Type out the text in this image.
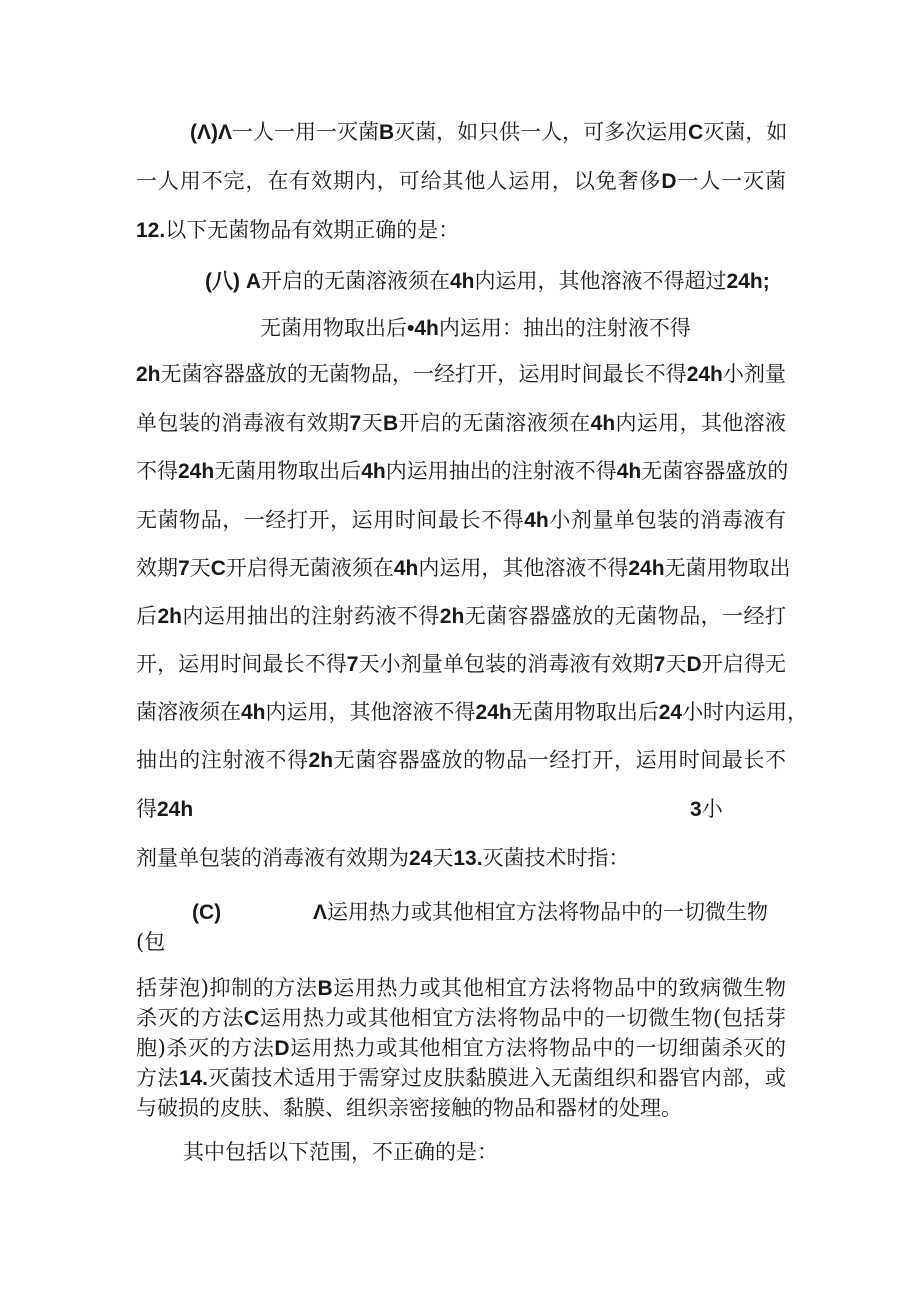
(Λ)Λ一人一用一灭菌B灭菌，如只供一人，可多次运用C灭菌，如
一人用不完，在有效期内，可给其他人运用，以免奢侈D一人一灭菌
12.以下无菌物品有效期正确的是：
(八) A开启的无菌溶液须在4h内运用，其他溶液不得超过24h;
无菌用物取出后•4h内运用：抽出的注射液不得
2h无菌容器盛放的无菌物品，一经打开，运用时间最长不得24h小剂量
单包装的消毒液有效期7天B开启的无菌溶液须在4h内运用，其他溶液
不得24h无菌用物取出后4h内运用抽出的注射液不得4h无菌容器盛放的
无菌物品，一经打开，运用时间最长不得4h小剂量单包装的消毒液有
效期7天C开启得无菌液须在4h内运用，其他溶液不得24h无菌用物取出
后2h内运用抽出的注射药液不得2h无菌容器盛放的无菌物品，一经打
开，运用时间最长不得7天小剂量单包装的消毒液有效期7天D开启得无
菌溶液须在4h内运用，其他溶液不得24h无菌用物取出后24小时内运用，
抽出的注射液不得2h无菌容器盛放的物品一经打开，运用时间最长不
得24h	3小
剂量单包装的消毒液有效期为24天13.灭菌技术时指：
(C)	Λ运用热力或其他相宜方法将物品中的一切微生物
(包
括芽泡)抑制的方法B运用热力或其他相宜方法将物品中的致病微生物
杀灭的方法C运用热力或其他相宜方法将物品中的一切微生物(包括芽
胞)杀灭的方法D运用热力或其他相宜方法将物品中的一切细菌杀灭的
方法14.灭菌技术适用于需穿过皮肤黏膜进入无菌组织和器官内部，或
与破损的皮肤、黏膜、组织亲密接触的物品和器材的处理。
其中包括以下范围，不正确的是：
